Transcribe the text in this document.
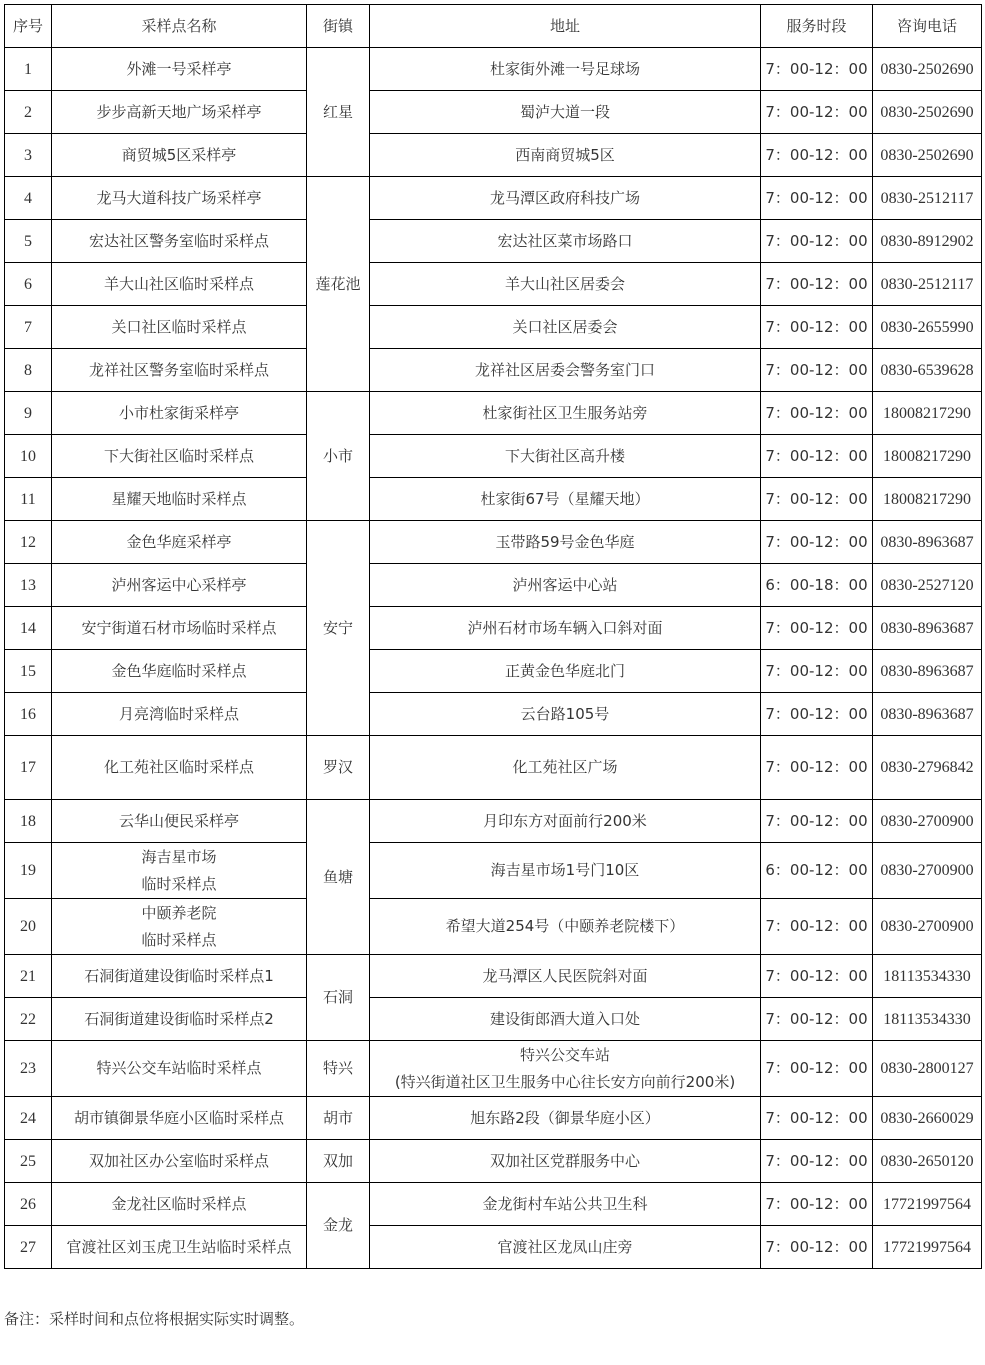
序号	采样点名称	街镇	地址	服务时段	咨询电话
1	外滩一号采样亭	红星	杜家街外滩一号足球场	7：00-12：00	0830-2502690
2	步步高新天地广场采样亭		蜀泸大道一段	7：00-12：00	0830-2502690
3	商贸城5区采样亭		西南商贸城5区	7：00-12：00	0830-2502690
4	龙马大道科技广场采样亭	莲花池	龙马潭区政府科技广场	7：00-12：00	0830-2512117
5	宏达社区警务室临时采样点		宏达社区菜市场路口	7：00-12：00	0830-8912902
6	羊大山社区临时采样点		羊大山社区居委会	7：00-12：00	0830-2512117
7	关口社区临时采样点		关口社区居委会	7：00-12：00	0830-2655990
8	龙祥社区警务室临时采样点		龙祥社区居委会警务室门口	7：00-12：00	0830-6539628
9	小市杜家街采样亭	小市	杜家街社区卫生服务站旁	7：00-12：00	18008217290
10	下大街社区临时采样点		下大街社区高升楼	7：00-12：00	18008217290
11	星耀天地临时采样点		杜家街67号（星耀天地）	7：00-12：00	18008217290
12	金色华庭采样亭	安宁	玉带路59号金色华庭	7：00-12：00	0830-8963687
13	泸州客运中心采样亭		泸州客运中心站	6：00-18：00	0830-2527120
14	安宁街道石材市场临时采样点		泸州石材市场车辆入口斜对面	7：00-12：00	0830-8963687
15	金色华庭临时采样点		正黄金色华庭北门	7：00-12：00	0830-8963687
16	月亮湾临时采样点		云台路105号	7：00-12：00	0830-8963687
17	化工苑社区临时采样点	罗汉	化工苑社区广场	7：00-12：00	0830-2796842
18	云华山便民采样亭	鱼塘	月印东方对面前行200米	7：00-12：00	0830-2700900
19	海吉星市场
临时采样点		海吉星市场1号门10区	6：00-12：00	0830-2700900
20	中颐养老院
临时采样点		希望大道254号（中颐养老院楼下）	7：00-12：00	0830-2700900
21	石洞街道建设街临时采样点1	石洞	龙马潭区人民医院斜对面	7：00-12：00	18113534330
22	石洞街道建设街临时采样点2		建设街郎酒大道入口处	7：00-12：00	18113534330
23	特兴公交车站临时采样点	特兴	特兴公交车站
(特兴街道社区卫生服务中心往长安方向前行200米)	7：00-12：00	0830-2800127
24	胡市镇御景华庭小区临时采样点	胡市	旭东路2段（御景华庭小区）	7：00-12：00	0830-2660029
25	双加社区办公室临时采样点	双加	双加社区党群服务中心	7：00-12：00	0830-2650120
26	金龙社区临时采样点	金龙	金龙街村车站公共卫生科	7：00-12：00	17721997564
27	官渡社区刘玉虎卫生站临时采样点		官渡社区龙凤山庄旁	7：00-12：00	17721997564
备注：采样时间和点位将根据实际实时调整。
